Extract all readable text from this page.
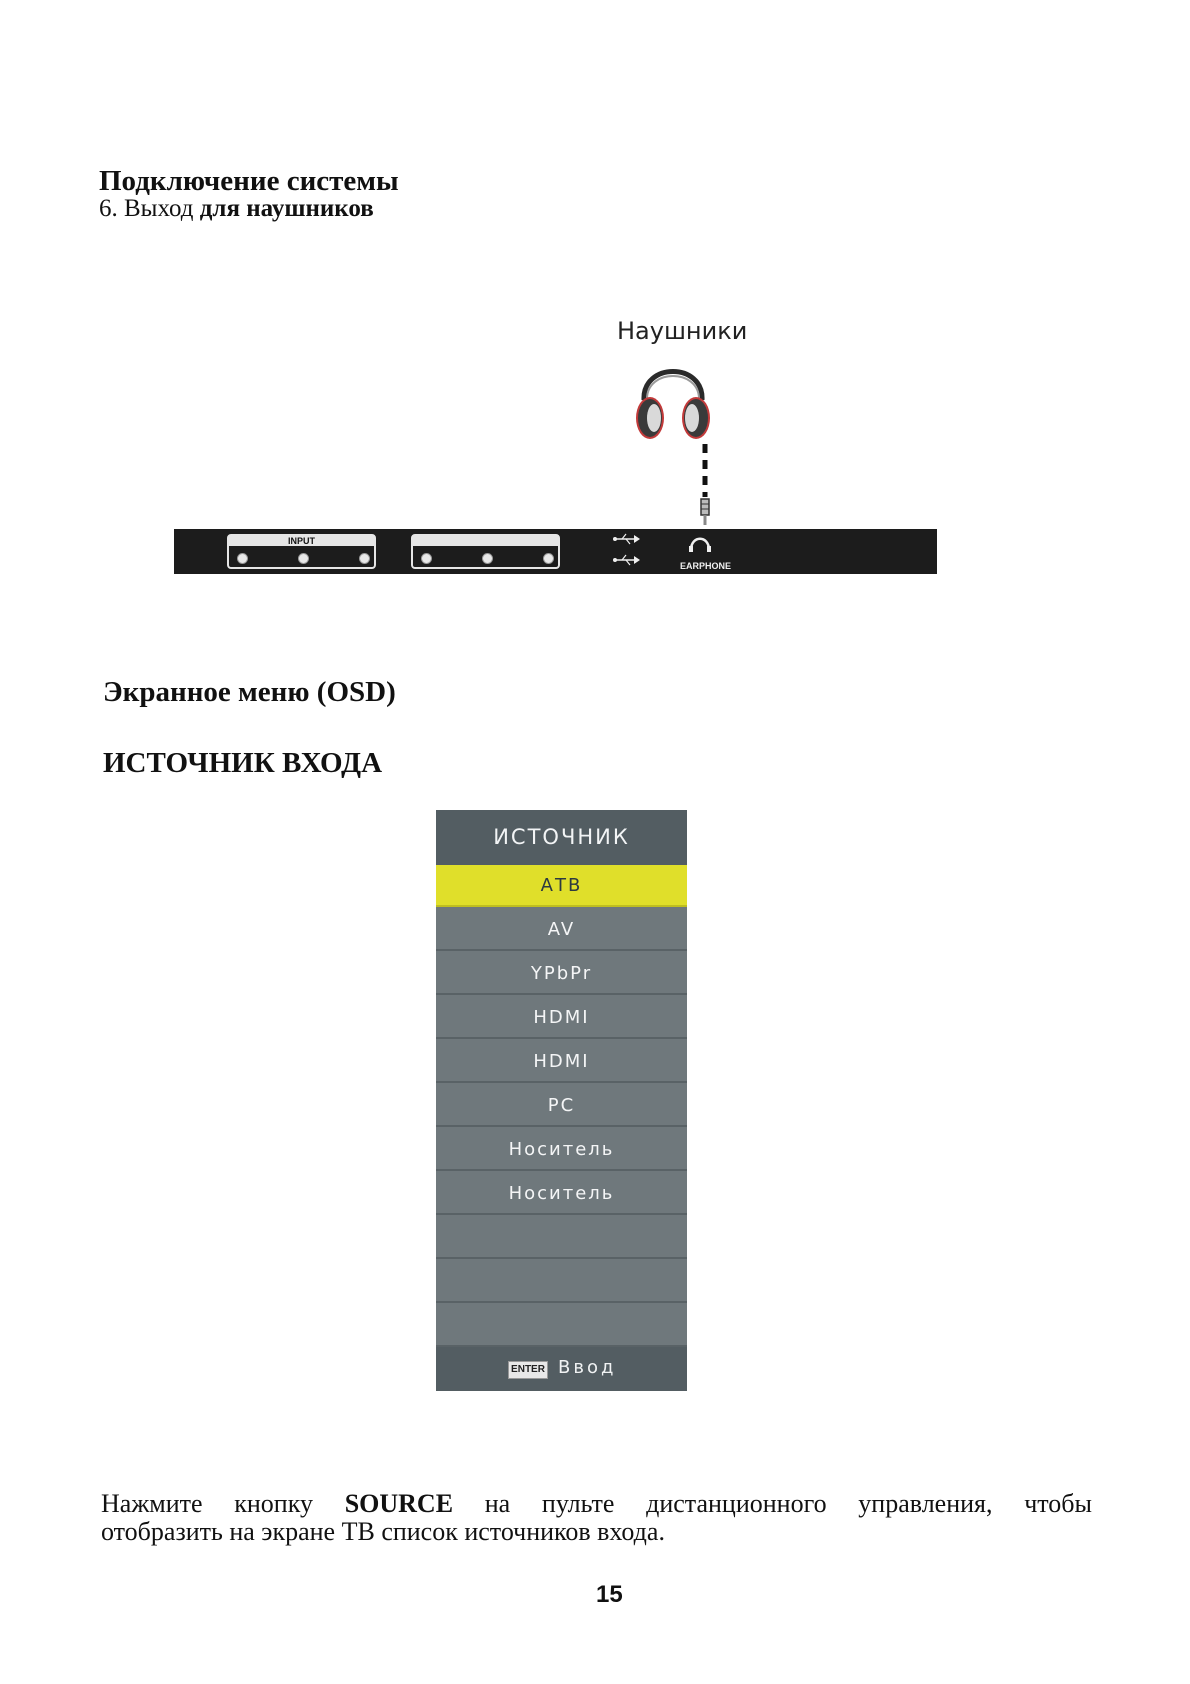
Подключение системы
6. Выход для наушников
Наушники
INPUT
EARPHONE
Экранное меню (OSD)
ИСТОЧНИК ВХОДА
ИСТОЧНИК
АТВ
AV
YPbPr
HDMI
HDMI
PC
Носитель
Носитель
ENTER Ввод
Нажмите кнопку SOURCE на пульте дистанционного управления, чтобы
отобразить на экране ТВ список источников входа.
15
